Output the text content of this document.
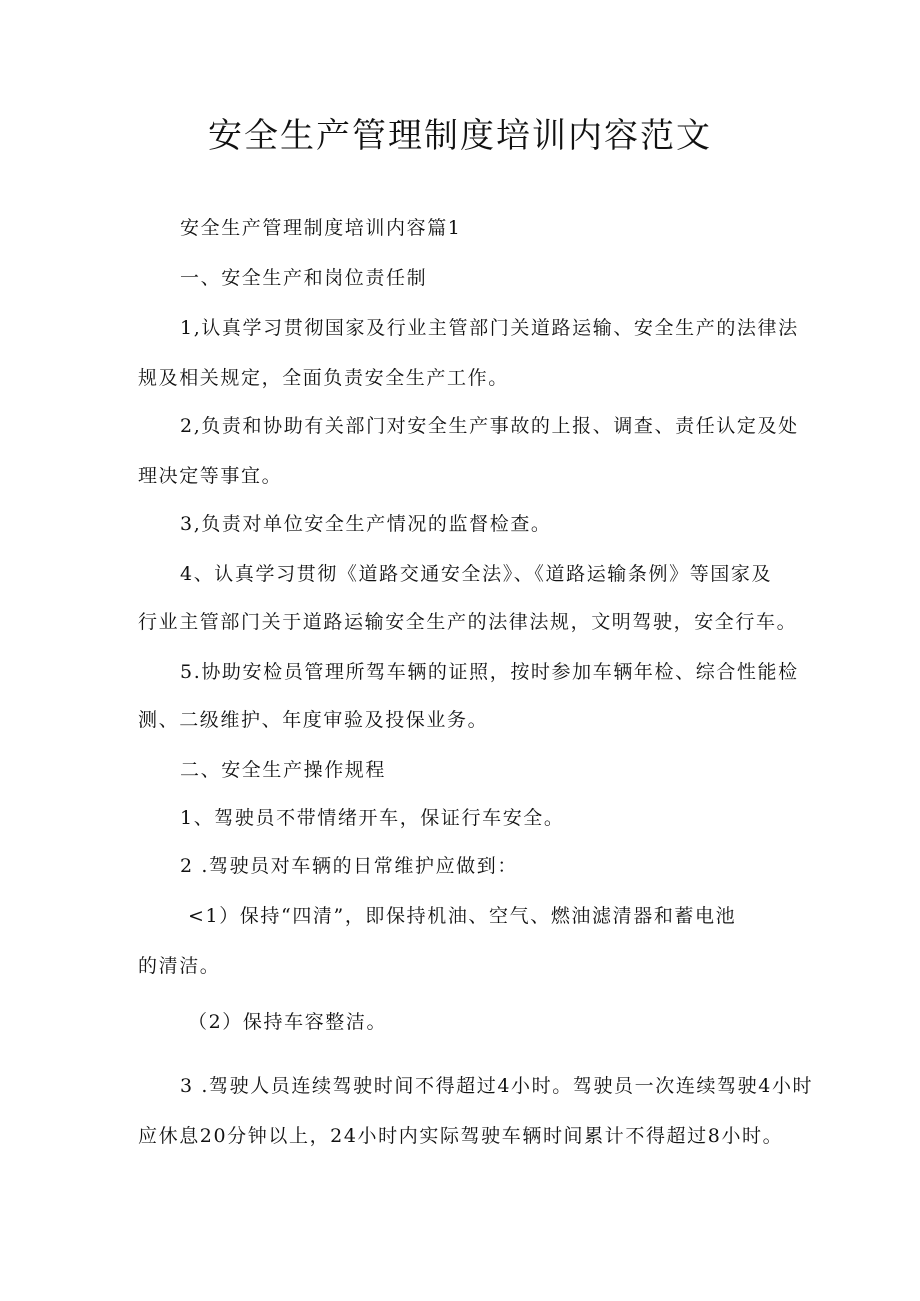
安全生产管理制度培训内容范文
安全生产管理制度培训内容篇1
一、安全生产和岗位责任制
1,认真学习贯彻国家及行业主管部门关道路运输、安全生产的法律法
规及相关规定，全面负责安全生产工作。
2,负责和协助有关部门对安全生产事故的上报、调查、责任认定及处
理决定等事宜。
3,负责对单位安全生产情况的监督检查。
4、认真学习贯彻《道路交通安全法》、《道路运输条例》等国家及
行业主管部门关于道路运输安全生产的法律法规，文明驾驶，安全行车。
5.协助安检员管理所驾车辆的证照，按时参加车辆年检、综合性能检
测、二级维护、年度审验及投保业务。
二、安全生产操作规程
1、驾驶员不带情绪开车，保证行车安全。
2 .驾驶员对车辆的日常维护应做到：
<1）保持“四清”，即保持机油、空气、燃油滤清器和蓄电池
的清洁。
（2）保持车容整洁。
3 .驾驶人员连续驾驶时间不得超过4小时。驾驶员一次连续驾驶4小时
应休息20分钟以上，24小时内实际驾驶车辆时间累计不得超过8小时。
